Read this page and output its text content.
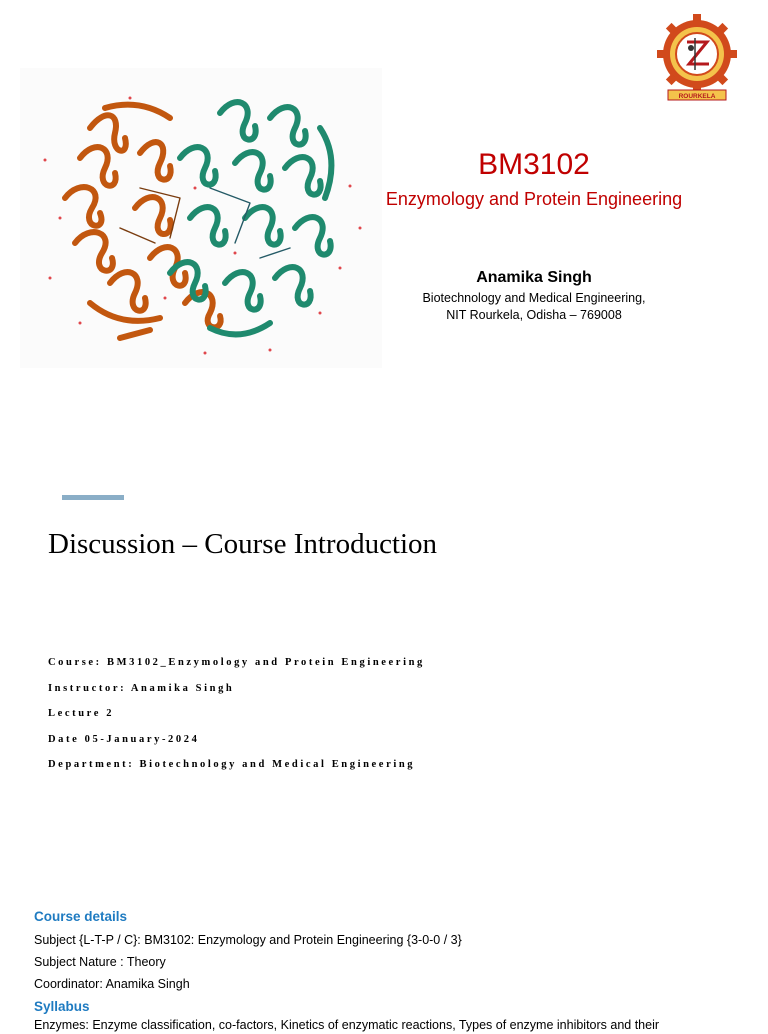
ROURKELA
BM3102
Enzymology and Protein Engineering
Anamika Singh
Biotechnology and Medical Engineering,
NIT Rourkela, Odisha – 769008
Discussion – Course Introduction
Course: BM3102_Enzymology and Protein Engineering
Instructor: Anamika Singh
Lecture 2
Date 05-January-2024
Department: Biotechnology and Medical Engineering
Course details
Subject {L-T-P / C}: BM3102: Enzymology and Protein Engineering {3-0-0 / 3}
Subject Nature : Theory
Coordinator: Anamika Singh
Syllabus
Enzymes: Enzyme classification, co-factors, Kinetics of enzymatic reactions, Types of enzyme inhibitors and their
